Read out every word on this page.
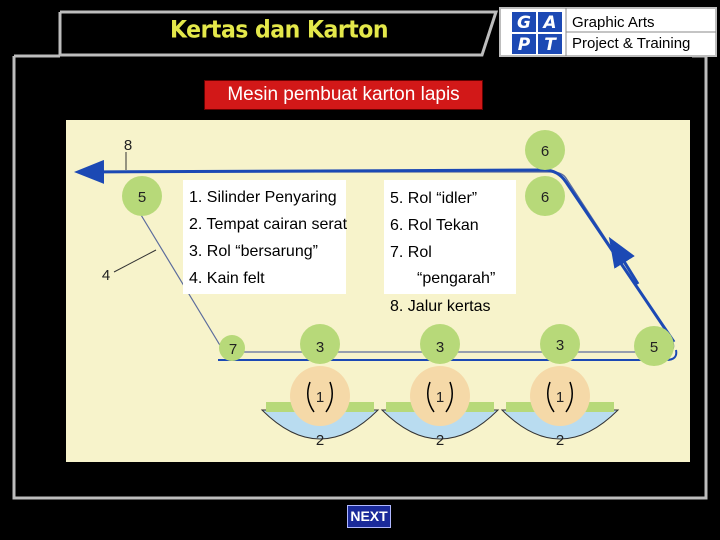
Kertas dan Karton	G A
P T
Graphic Arts
Project & Training
Mesin pembuat karton lapis
8	6
6
5
5
4
7	3	3	3
1	1	1
2	2	2
1. Silinder Penyaring
2. Tempat cairan serat
3. Rol “bersarung”
4. Kain felt
5. Rol “idler”
6. Rol Tekan
7. Rol
“pengarah”
8. Jalur kertas
NEXT
